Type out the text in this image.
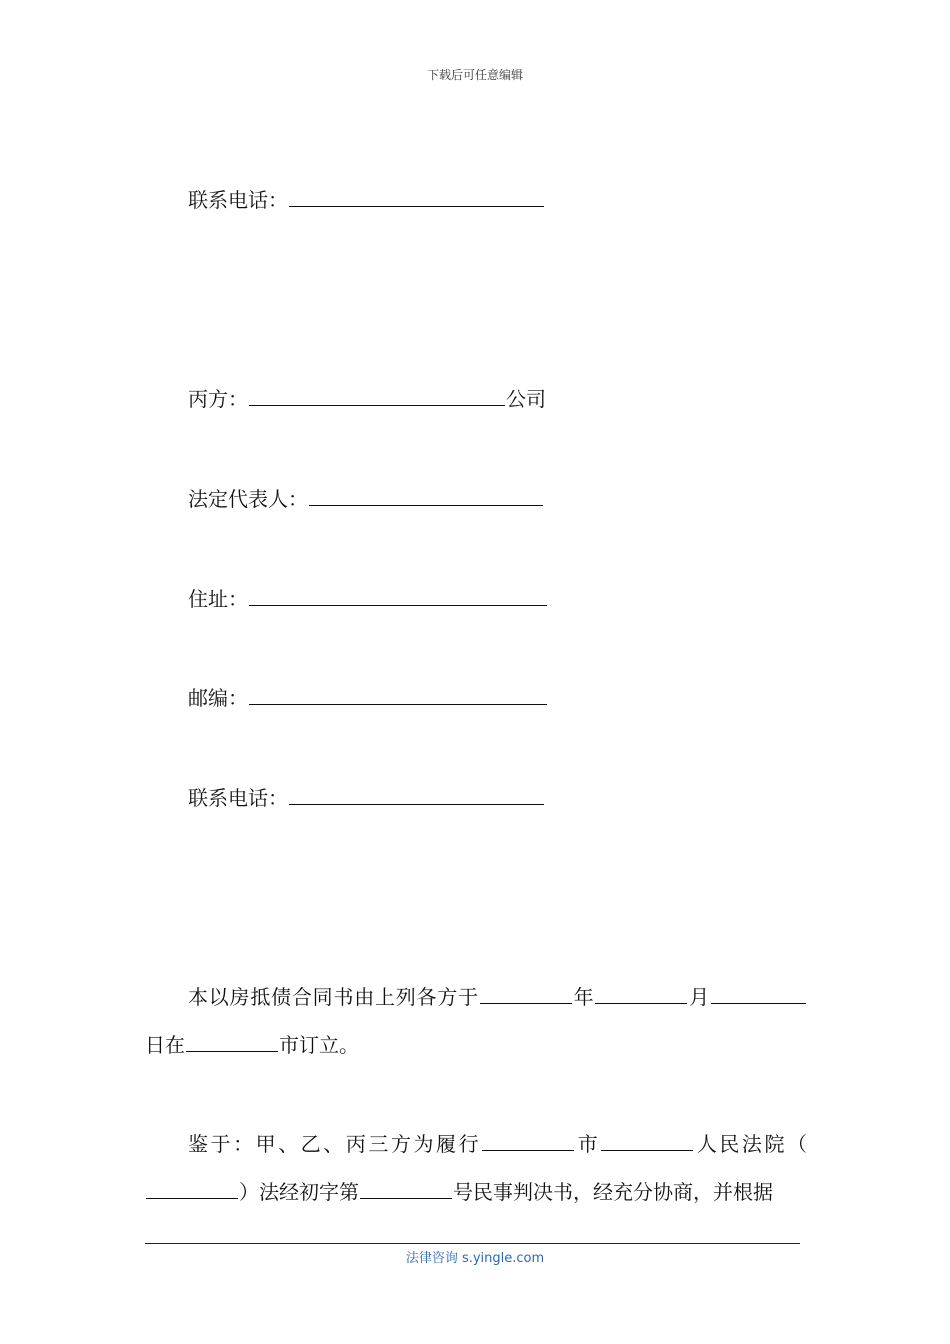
下载后可任意编辑
联系电话：
丙方：	公司
法定代表人：
住址：
邮编：
联系电话：

本以房抵债合同书由上列各方于	年	月日在	市订立。

鉴于：甲、乙、丙三方为履行	市	人民法院（）法经初字第	号民事判决书，经充分协商，并根据

法律咨询 s.yingle.com
